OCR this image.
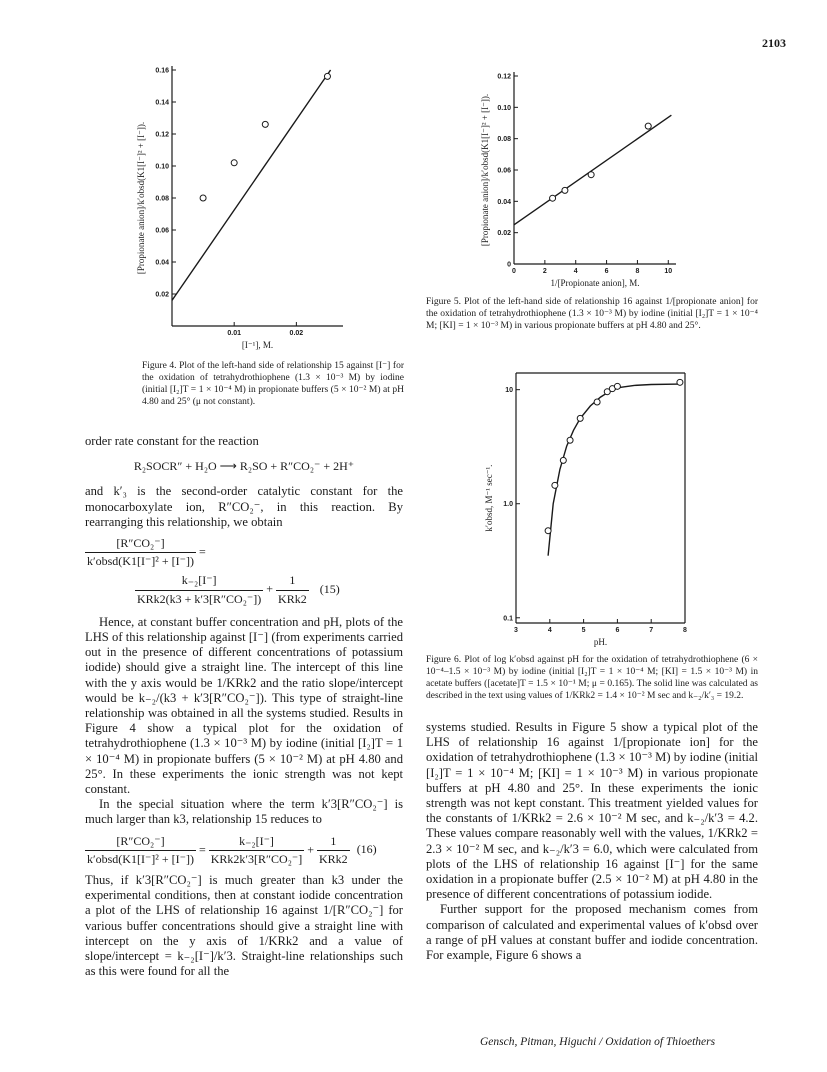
2103
0.02
0.04
0.06
0.08
0.10
0.12
0.14
0.16
0.01	0.02
[Propionate anion]/k′obsd(K1[I⁻]² + [I⁻]).
[I⁻¹], M.
Figure 4. Plot of the left-hand side of relationship 15 against [I⁻] for the oxidation of tetrahydrothiophene (1.3 × 10⁻³ M) by iodine (initial [I₂]T = 1 × 10⁻⁴ M) in propionate buffers (5 × 10⁻² M) at pH 4.80 and 25° (μ not constant).
0
0.02
0.04
0.06
0.08
0.10
0.12
0	2	4	6	8	10
[Propionate anion]/k′obsd(K1[I⁻]² + [I⁻]).
1/[Propionate anion], M.
Figure 5. Plot of the left-hand side of relationship 16 against 1/[propionate anion] for the oxidation of tetrahydrothiophene (1.3 × 10⁻³ M) by iodine (initial [I₂]T = 1 × 10⁻⁴ M; [KI] = 1 × 10⁻³ M) in various propionate buffers at pH 4.80 and 25°.
0.1
1.0
10
3	4	5	6	7	8
k′obsd, M⁻¹ sec⁻¹.
pH.
Figure 6. Plot of log k′obsd against pH for the oxidation of tetrahydrothiophene (6 × 10⁻⁴–1.5 × 10⁻³ M) by iodine (initial [I₂]T = 1 × 10⁻⁴ M; [KI] = 1.5 × 10⁻³ M) in acetate buffers ([acetate]T = 1.5 × 10⁻¹ M; μ = 0.165). The solid line was calculated as described in the text using values of 1/KRk2 = 1.4 × 10⁻² M sec and k₋₂/k′₃ = 19.2.

order rate constant for the reaction

R₂SOCR″ + H₂O ⟶ R₂SO + R″CO₂⁻ + 2H⁺

and k′₃ is the second-order catalytic constant for the monocarboxylate ion, R″CO₂⁻, in this reaction. By rearranging this relationship, we obtain

$\frac{\text{[R″CO₂⁻]}}{\text{k′obsd(K1[I⁻]² + [I⁻])}}$ =
$\frac{\text{k₋₂[I⁻]}}{\text{KRk2(k3 + k′3[R″CO₂⁻])}} + \frac{1}{\text{KRk2}} (15)$

Hence, at constant buffer concentration and pH, plots of the LHS of this relationship against [I⁻] (from experiments carried out in the presence of different concentrations of potassium iodide) should give a straight line. The intercept of this line with the y axis would be 1/KRk2 and the ratio slope/intercept would be k₋₂/(k3 + k′3[R″CO₂⁻]). This type of straight-line relationship was obtained in all the systems studied. Results in Figure 4 show a typical plot for the oxidation of tetrahydrothiophene (1.3 × 10⁻³ M) by iodine (initial [I₂]T = 1 × 10⁻⁴ M) in propionate buffers (5 × 10⁻² M) at pH 4.80 and 25°. In these experiments the ionic strength was not kept constant.

In the special situation where the term k′3[R″CO₂⁻] is much larger than k3, relationship 15 reduces to

$\frac{\text{[R″CO₂⁻]}}{\text{k′obsd(K1[I⁻]² + [I⁻])}} = \frac{\text{k₋₂[I⁻]}}{\text{KRk2k′3[R″CO₂⁻]}} + \frac{1}{\text{KRk2}} (16)$

Thus, if k′3[R″CO₂⁻] is much greater than k3 under the experimental conditions, then at constant iodide concentration a plot of the LHS of relationship 16 against 1/[R″CO₂⁻] for various buffer concentrations should give a straight line with intercept on the y axis of 1/KRk2 and a value of slope/intercept = k₋₂[I⁻]/k′3. Straight-line relationships such as this were found for all the

systems studied. Results in Figure 5 show a typical plot of the LHS of relationship 16 against 1/[propionate ion] for the oxidation of tetrahydrothiophene (1.3 × 10⁻³ M) by iodine (initial [I₂]T = 1 × 10⁻⁴ M; [KI] = 1 × 10⁻³ M) in various propionate buffers at pH 4.80 and 25°. In these experiments the ionic strength was not kept constant. This treatment yielded values for the constants of 1/KRk2 = 2.6 × 10⁻² M sec, and k₋₂/k′3 = 4.2. These values compare reasonably well with the values, 1/KRk2 = 2.3 × 10⁻² M sec, and k₋₂/k′3 = 6.0, which were calculated from plots of the LHS of relationship 16 against [I⁻] for the same oxidation in a propionate buffer (2.5 × 10⁻² M) at pH 4.80 in the presence of different concentrations of potassium iodide.

Further support for the proposed mechanism comes from comparison of calculated and experimental values of k′obsd over a range of pH values at constant buffer and iodide concentration. For example, Figure 6 shows a

Gensch, Pitman, Higuchi / Oxidation of Thioethers
